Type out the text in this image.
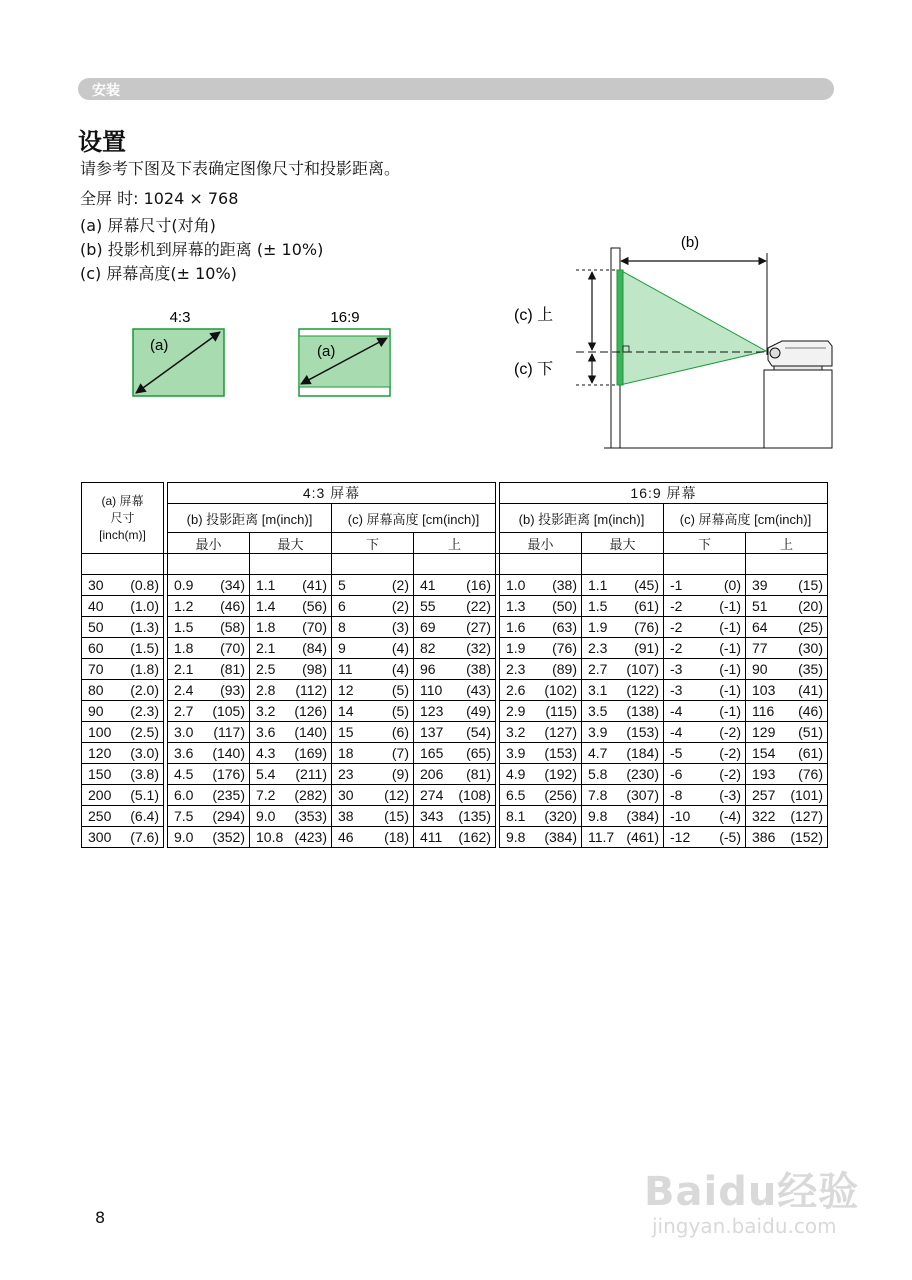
安装
设置
请参考下图及下表确定图像尺寸和投影距离。
全屏 时: 1024 × 768
(a) 屏幕尺寸(对角)
(b) 投影机到屏幕的距离 (± 10%)
(c) 屏幕高度(± 10%)
4:3
(a)
16:9
(a)
(b)
(c) 上
(c) 下
(a) 屏幕
尺寸
[inch(m)]		4:3 屏幕					16:9 屏幕			
		(b) 投影距离 [m(inch)]		(c) 屏幕高度 [cm(inch)]			(b) 投影距离 [m(inch)]		(c) 屏幕高度 [cm(inch)]	
		最小	最大	下	上		最小	最大	下	上

30 (0.8)		0.9 (34)	1.1 (41)	5 (2)	41 (16)		1.0 (38)	1.1 (45)	-1 (0)	39 (15)

40 (1.0)		1.2 (46)	1.4 (56)	6 (2)	55 (22)		1.3 (50)	1.5 (61)	-2 (-1)	51 (20)

50 (1.3)		1.5 (58)	1.8 (70)	8 (3)	69 (27)		1.6 (63)	1.9 (76)	-2 (-1)	64 (25)

60 (1.5)		1.8 (70)	2.1 (84)	9 (4)	82 (32)		1.9 (76)	2.3 (91)	-2 (-1)	77 (30)

70 (1.8)		2.1 (81)	2.5 (98)	11 (4)	96 (38)		2.3 (89)	2.7 (107)	-3 (-1)	90 (35)

80 (2.0)		2.4 (93)	2.8 (112)	12 (5)	110 (43)		2.6 (102)	3.1 (122)	-3 (-1)	103 (41)

90 (2.3)		2.7 (105)	3.2 (126)	14 (5)	123 (49)		2.9 (115)	3.5 (138)	-4 (-1)	116 (46)

100 (2.5)		3.0 (117)	3.6 (140)	15 (6)	137 (54)		3.2 (127)	3.9 (153)	-4 (-2)	129 (51)

120 (3.0)		3.6 (140)	4.3 (169)	18 (7)	165 (65)		3.9 (153)	4.7 (184)	-5 (-2)	154 (61)

150 (3.8)		4.5 (176)	5.4 (211)	23 (9)	206 (81)		4.9 (192)	5.8 (230)	-6 (-2)	193 (76)

200 (5.1)		6.0 (235)	7.2 (282)	30 (12)	274 (108)		6.5 (256)	7.8 (307)	-8 (-3)	257 (101)

250 (6.4)		7.5 (294)	9.0 (353)	38 (15)	343 (135)		8.1 (320)	9.8 (384)	-10 (-4)	322 (127)

300 (7.6)		9.0 (352)	10.8 (423)	46 (18)	411 (162)		9.8 (384)	11.7 (461)	-12 (-5)	386 (152)
8
Baidu经验
jingyan.baidu.com
